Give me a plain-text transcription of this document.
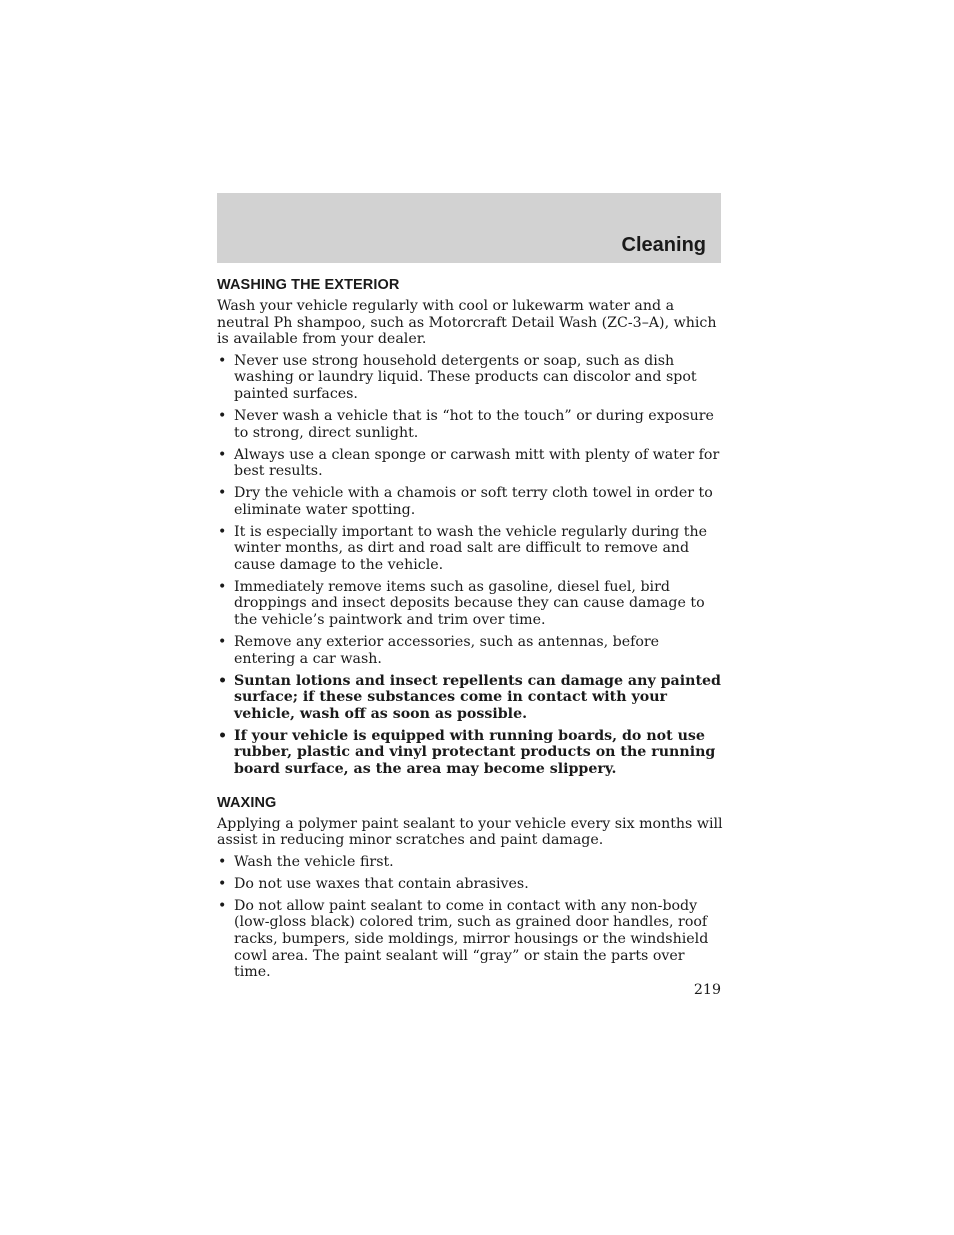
Cleaning
WASHING THE EXTERIOR

Wash your vehicle regularly with cool or lukewarm water and a neutral Ph shampoo, such as Motorcraft Detail Wash (ZC-3–A), which is available from your dealer.

• Never use strong household detergents or soap, such as dish washing or laundry liquid. These products can discolor and spot painted surfaces.
• Never wash a vehicle that is “hot to the touch” or during exposure to strong, direct sunlight.
• Always use a clean sponge or carwash mitt with plenty of water for best results.
• Dry the vehicle with a chamois or soft terry cloth towel in order to eliminate water spotting.
• It is especially important to wash the vehicle regularly during the winter months, as dirt and road salt are difficult to remove and cause damage to the vehicle.
• Immediately remove items such as gasoline, diesel fuel, bird droppings and insect deposits because they can cause damage to the vehicle’s paintwork and trim over time.
• Remove any exterior accessories, such as antennas, before entering a car wash.
• Suntan lotions and insect repellents can damage any painted surface; if these substances come in contact with your vehicle, wash off as soon as possible.
• If your vehicle is equipped with running boards, do not use rubber, plastic and vinyl protectant products on the running board surface, as the area may become slippery.
WAXING

Applying a polymer paint sealant to your vehicle every six months will assist in reducing minor scratches and paint damage.

• Wash the vehicle first.
• Do not use waxes that contain abrasives.
• Do not allow paint sealant to come in contact with any non-body (low-gloss black) colored trim, such as grained door handles, roof racks, bumpers, side moldings, mirror housings or the windshield cowl area. The paint sealant will “gray” or stain the parts over time.
219
